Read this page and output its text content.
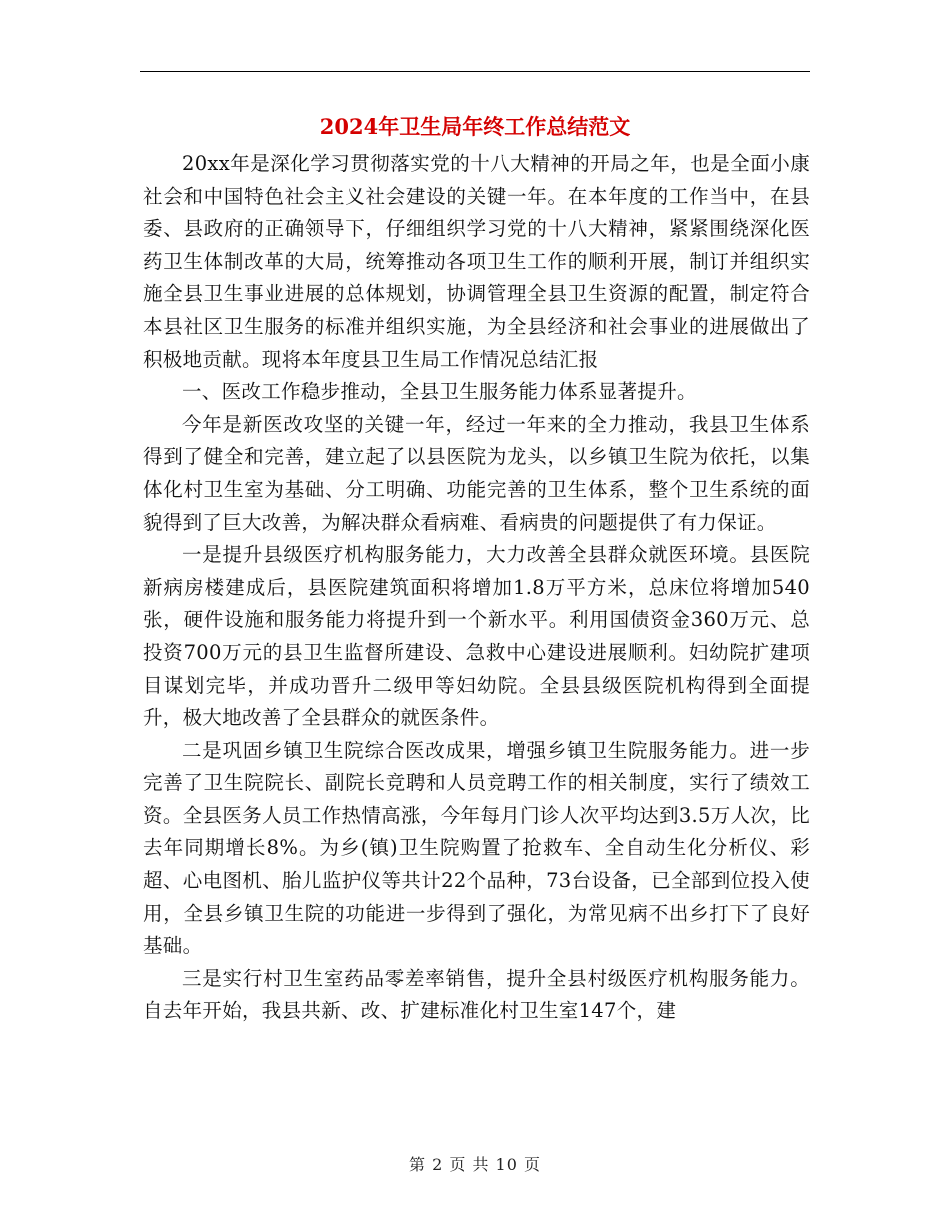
2024年卫生局年终工作总结范文

20xx年是深化学习贯彻落实党的十八大精神的开局之年，也是全面小康社会和中国特色社会主义社会建设的关键一年。在本年度的工作当中，在县委、县政府的正确领导下，仔细组织学习党的十八大精神，紧紧围绕深化医药卫生体制改革的大局，统筹推动各项卫生工作的顺利开展，制订并组织实施全县卫生事业进展的总体规划，协调管理全县卫生资源的配置，制定符合本县社区卫生服务的标准并组织实施，为全县经济和社会事业的进展做出了积极地贡献。现将本年度县卫生局工作情况总结汇报

一、医改工作稳步推动，全县卫生服务能力体系显著提升。

今年是新医改攻坚的关键一年，经过一年来的全力推动，我县卫生体系得到了健全和完善，建立起了以县医院为龙头，以乡镇卫生院为依托，以集体化村卫生室为基础、分工明确、功能完善的卫生体系，整个卫生系统的面貌得到了巨大改善，为解决群众看病难、看病贵的问题提供了有力保证。

一是提升县级医疗机构服务能力，大力改善全县群众就医环境。县医院新病房楼建成后，县医院建筑面积将增加1.8万平方米，总床位将增加540张，硬件设施和服务能力将提升到一个新水平。利用国债资金360万元、总投资700万元的县卫生监督所建设、急救中心建设进展顺利。妇幼院扩建项目谋划完毕，并成功晋升二级甲等妇幼院。全县县级医院机构得到全面提升，极大地改善了全县群众的就医条件。

二是巩固乡镇卫生院综合医改成果，增强乡镇卫生院服务能力。进一步完善了卫生院院长、副院长竞聘和人员竞聘工作的相关制度，实行了绩效工资。全县医务人员工作热情高涨，今年每月门诊人次平均达到3.5万人次，比去年同期增长8%。为乡(镇)卫生院购置了抢救车、全自动生化分析仪、彩超、心电图机、胎儿监护仪等共计22个品种，73台设备，已全部到位投入使用，全县乡镇卫生院的功能进一步得到了强化，为常见病不出乡打下了良好基础。

三是实行村卫生室药品零差率销售，提升全县村级医疗机构服务能力。自去年开始，我县共新、改、扩建标准化村卫生室147个，建

第 2 页 共 10 页
